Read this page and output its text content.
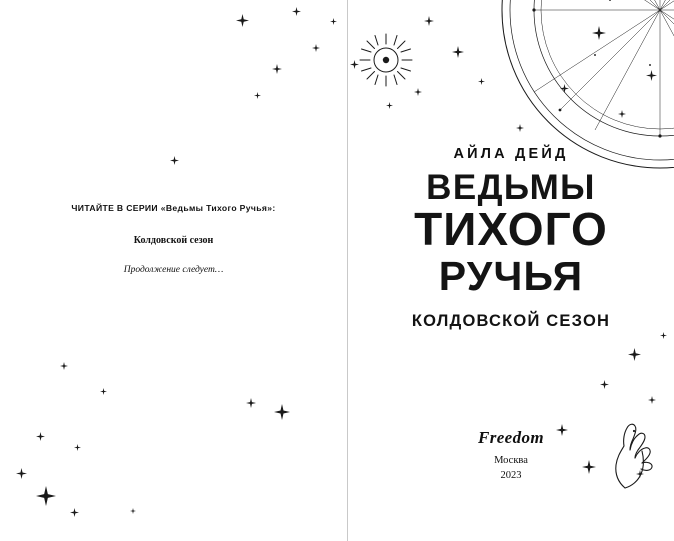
ЧИТАЙТЕ В СЕРИИ «Ведьмы Тихого Ручья»:
Колдовской сезон
Продолжение следует…
АЙЛА ДЕЙД
ВЕДЬМЫ
ТИХОГО
РУЧЬЯ
КОЛДОВСКОЙ СЕЗОН
Freedom
Москва
2023
